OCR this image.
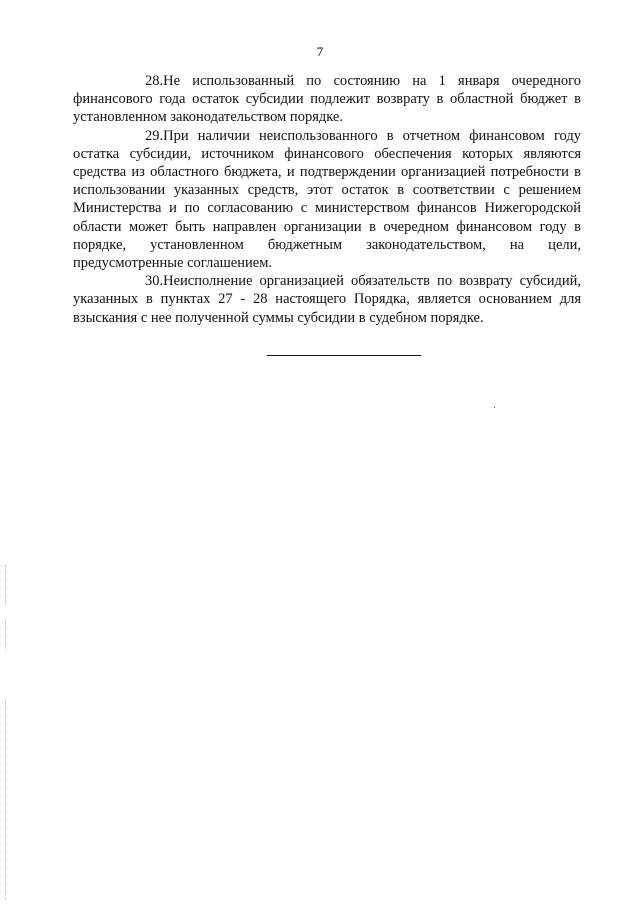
7

28.Не использованный по состоянию на 1 января очередного финансового года остаток субсидии подлежит возврату в областной бюджет в установленном законодательством порядке.

29.При наличии неиспользованного в отчетном финансовом году остатка субсидии, источником финансового обеспечения которых являются средства из областного бюджета, и подтверждении организацией потребности в использовании указанных средств, этот остаток в соответствии с решением Министерства и по согласованию с министерством финансов Нижегородской области может быть направлен организации в очередном финансовом году в порядке, установленном бюджетным законодательством, на цели, предусмотренные соглашением.

30.Неисполнение организацией обязательств по возврату субсидий, указанных в пунктах 27 - 28 настоящего Порядка, является основанием для взыскания с нее полученной суммы субсидии в судебном порядке.
